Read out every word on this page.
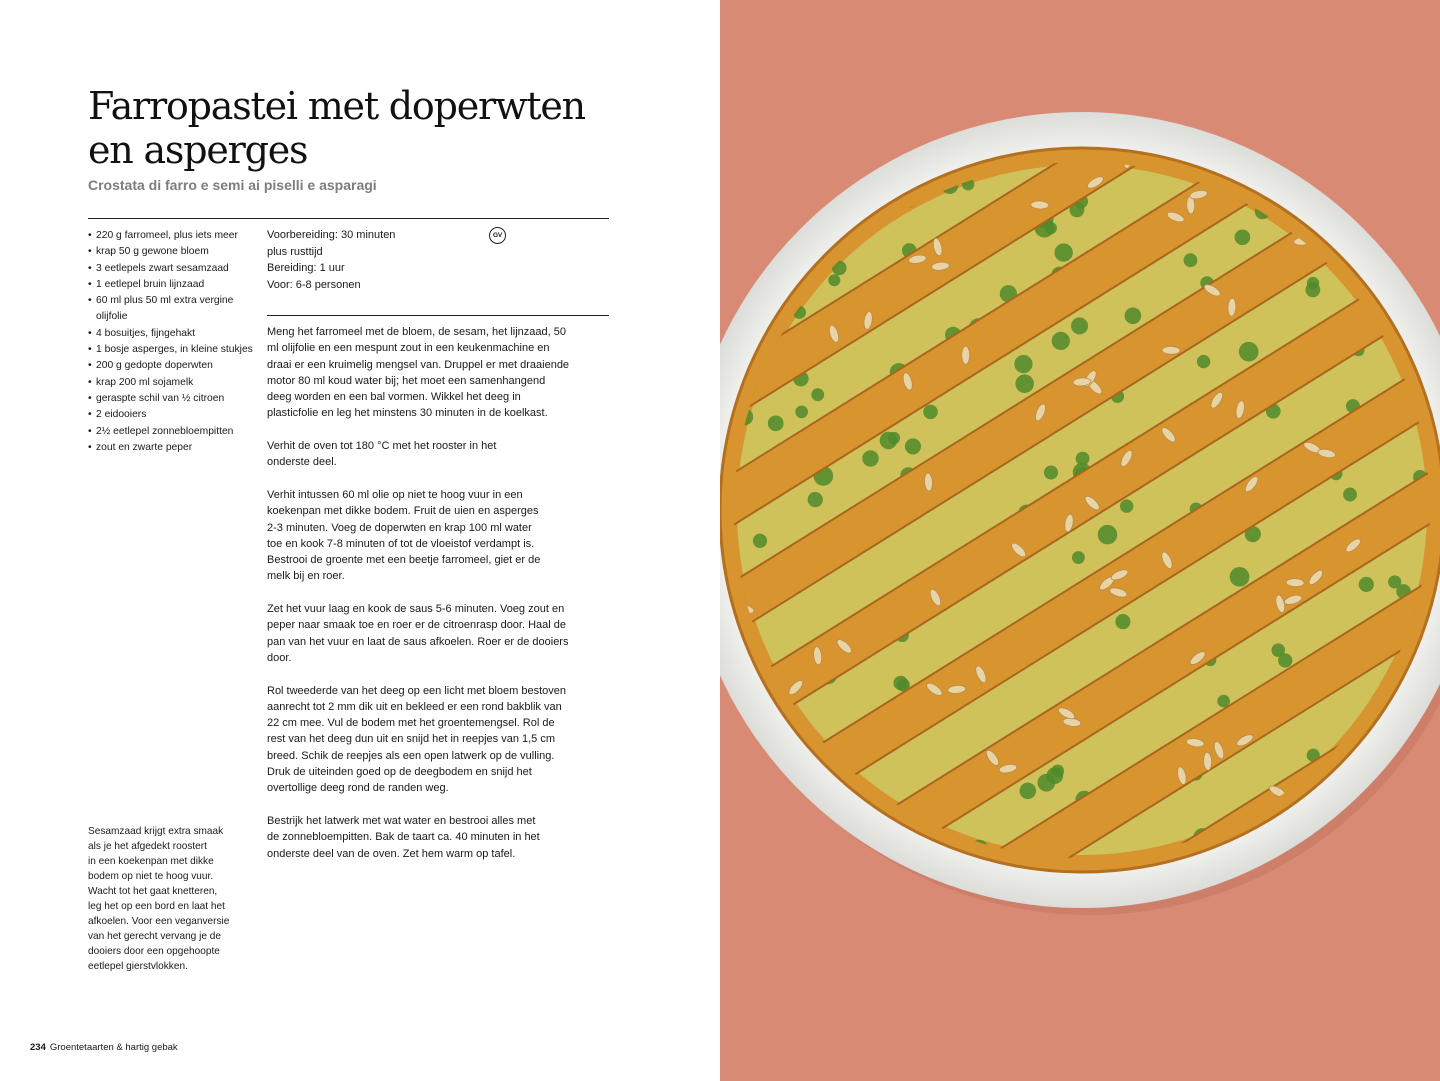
Farropastei met doperwten
en asperges

Crostata di farro e semi ai piselli e asparagi

• 220 g farromeel, plus iets meer
• krap 50 g gewone bloem
• 3 eetlepels zwart sesamzaad
• 1 eetlepel bruin lijnzaad
• 60 ml plus 50 ml extra vergine olijfolie
• 4 bosuitjes, fijngehakt
• 1 bosje asperges, in kleine stukjes
• 200 g gedopte doperwten
• krap 200 ml sojamelk
• geraspte schil van ½ citroen
• 2 eidooiers
• 2½ eetlepel zonnebloempitten
• zout en zwarte peper
Voorbereiding: 30 minuten
plus rusttijd
Bereiding: 1 uur
Voor: 6-8 personen
GV

Meng het farromeel met de bloem, de sesam, het lijnzaad, 50
ml olijfolie en een mespunt zout in een keukenmachine en
draai er een kruimelig mengsel van. Druppel er met draaiende
motor 80 ml koud water bij; het moet een samenhangend
deeg worden en een bal vormen. Wikkel het deeg in
plasticfolie en leg het minstens 30 minuten in de koelkast.

Verhit de oven tot 180 °C met het rooster in het
onderste deel.

Verhit intussen 60 ml olie op niet te hoog vuur in een
koekenpan met dikke bodem. Fruit de uien en asperges
2-3 minuten. Voeg de doperwten en krap 100 ml water
toe en kook 7-8 minuten of tot de vloeistof verdampt is.
Bestrooi de groente met een beetje farromeel, giet er de
melk bij en roer.

Zet het vuur laag en kook de saus 5-6 minuten. Voeg zout en
peper naar smaak toe en roer er de citroenrasp door. Haal de
pan van het vuur en laat de saus afkoelen. Roer er de dooiers
door.

Rol tweederde van het deeg op een licht met bloem bestoven
aanrecht tot 2 mm dik uit en bekleed er een rond bakblik van
22 cm mee. Vul de bodem met het groentemengsel. Rol de
rest van het deeg dun uit en snijd het in reepjes van 1,5 cm
breed. Schik de reepjes als een open latwerk op de vulling.
Druk de uiteinden goed op de deegbodem en snijd het
overtollige deeg rond de randen weg.

Bestrijk het latwerk met wat water en bestrooi alles met
de zonnebloempitten. Bak de taart ca. 40 minuten in het
onderste deel van de oven. Zet hem warm op tafel.

Sesamzaad krijgt extra smaak
als je het afgedekt roostert
in een koekenpan met dikke
bodem op niet te hoog vuur.
Wacht tot het gaat knetteren,
leg het op een bord en laat het
afkoelen. Voor een veganversie
van het gerecht vervang je de
dooiers door een opgehoopte
eetlepel gierstvlokken.
234 Groentetaarten & hartig gebak
